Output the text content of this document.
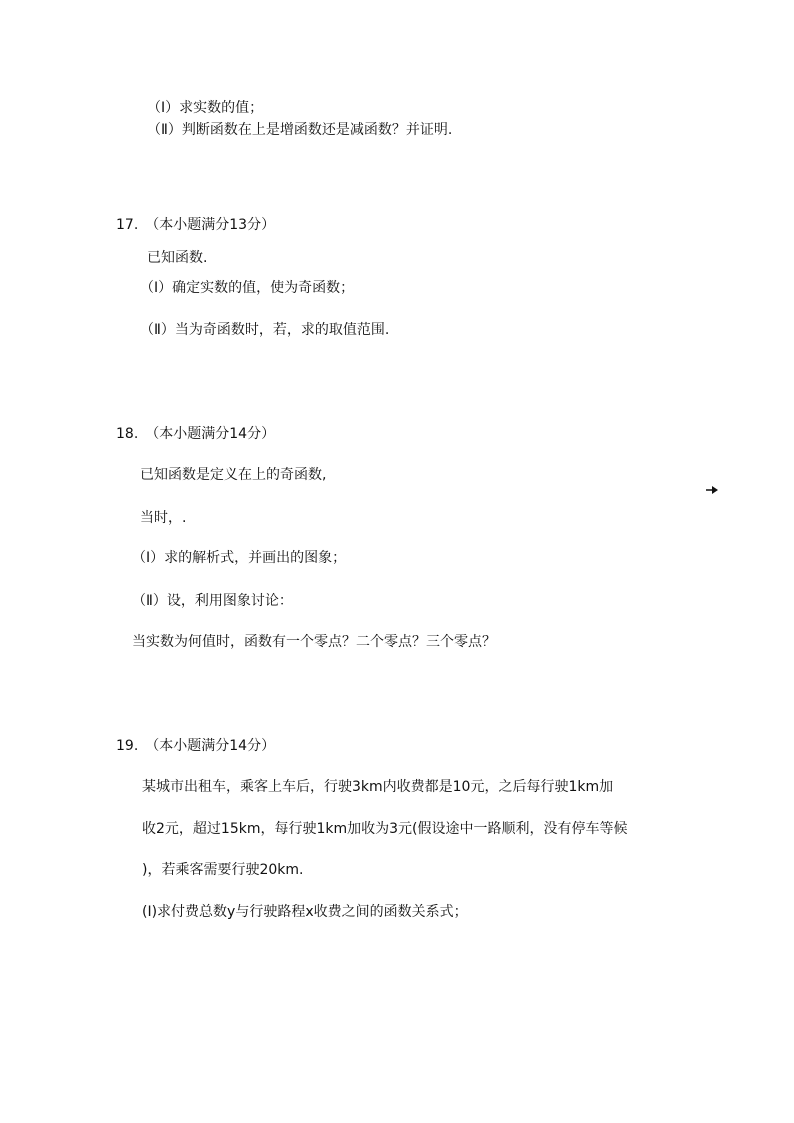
（Ⅰ）求实数的值；
（Ⅱ）判断函数在上是增函数还是减函数？并证明.
17.　（本小题满分13分）
已知函数.
（Ⅰ）确定实数的值，使为奇函数；
（Ⅱ）当为奇函数时，若，求的取值范围.
18.　（本小题满分14分）
已知函数是定义在上的奇函数,
当时，.
（Ⅰ）求的解析式，并画出的图象；
（Ⅱ）设，利用图象讨论：
当实数为何值时，函数有一个零点？二个零点？三个零点？
19.　（本小题满分14分）
某城市出租车，乘客上车后，行驶3km内收费都是10元，之后每行驶1km加
收2元，超过15km，每行驶1km加收为3元(假设途中一路顺利，没有停车等候
)，若乘客需要行驶20km.
(Ⅰ)求付费总数y与行驶路程x收费之间的函数关系式；
